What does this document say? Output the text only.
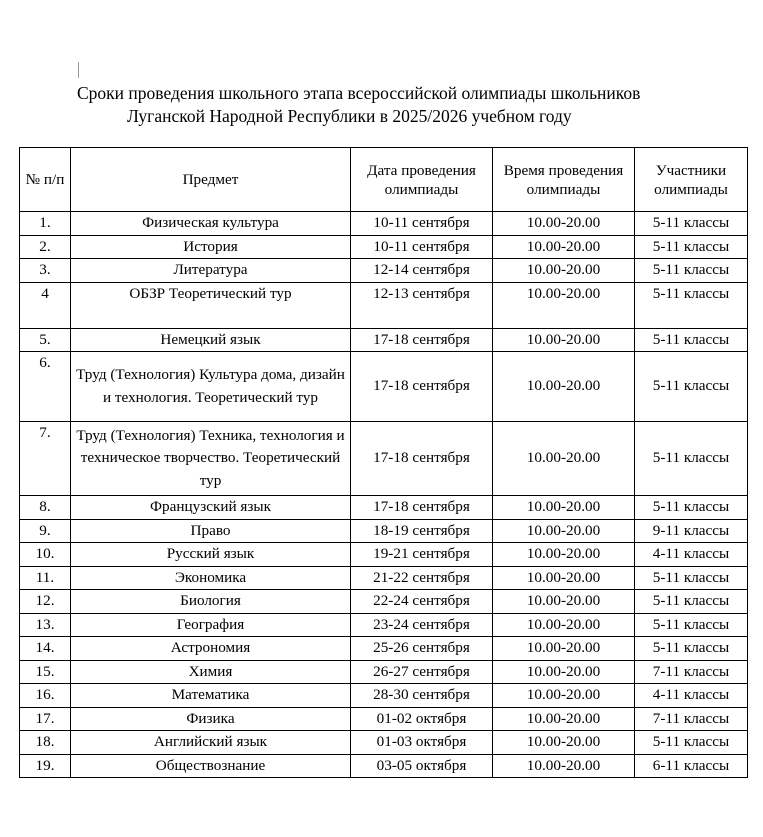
Сроки проведения школьного этапа всероссийской олимпиады школьников
Луганской Народной Республики в 2025/2026 учебном году
№ п/п	Предмет	Дата проведения олимпиады	Время проведения олимпиады	Участники олимпиады
1.	Физическая культура	10-11 сентября	10.00-20.00	5-11 классы
2.	История	10-11 сентября	10.00-20.00	5-11 классы
3.	Литература	12-14 сентября	10.00-20.00	5-11 классы
4	ОБЗР Теоретический тур	12-13 сентября	10.00-20.00	5-11 классы
5.	Немецкий язык	17-18 сентября	10.00-20.00	5-11 классы
6.	Труд (Технология) Культура дома, дизайн и технология. Теоретический тур	17-18 сентября	10.00-20.00	5-11 классы
7.	Труд (Технология) Техника, технология и техническое творчество. Теоретический тур	17-18 сентября	10.00-20.00	5-11 классы
8.	Французский язык	17-18 сентября	10.00-20.00	5-11 классы
9.	Право	18-19 сентября	10.00-20.00	9-11 классы
10.	Русский язык	19-21 сентября	10.00-20.00	4-11 классы
11.	Экономика	21-22 сентября	10.00-20.00	5-11 классы
12.	Биология	22-24 сентября	10.00-20.00	5-11 классы
13.	География	23-24 сентября	10.00-20.00	5-11 классы
14.	Астрономия	25-26 сентября	10.00-20.00	5-11 классы
15.	Химия	26-27 сентября	10.00-20.00	7-11 классы
16.	Математика	28-30 сентября	10.00-20.00	4-11 классы
17.	Физика	01-02 октября	10.00-20.00	7-11 классы
18.	Английский язык	01-03 октября	10.00-20.00	5-11 классы
19.	Обществознание	03-05 октября	10.00-20.00	6-11 классы
